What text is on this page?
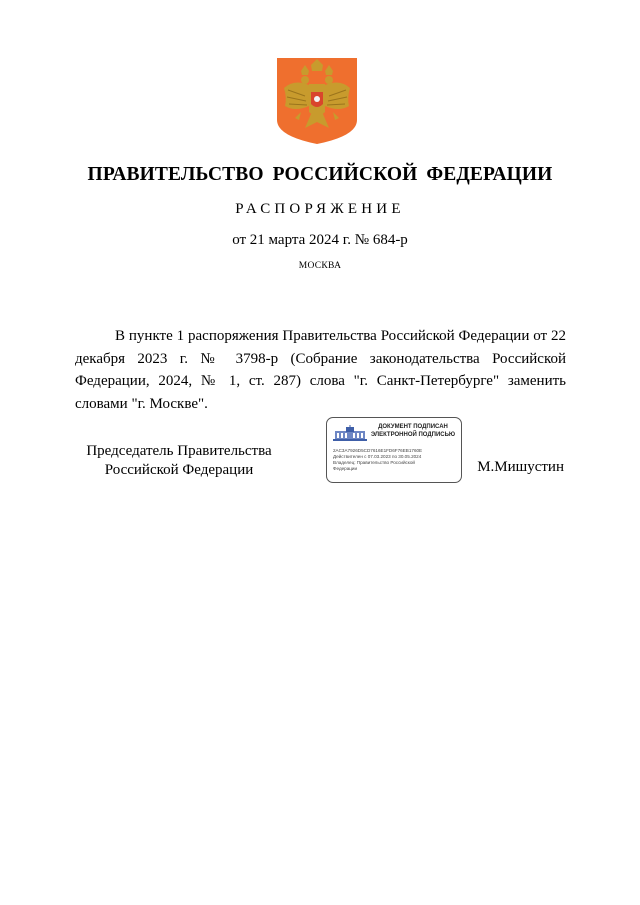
ПРАВИТЕЛЬСТВО РОССИЙСКОЙ ФЕДЕРАЦИИ
РАСПОРЯЖЕНИЕ
от 21 марта 2024 г. № 684-р
МОСКВА

В пункте 1 распоряжения Правительства Российской Федерации от 22 декабря 2023 г. № 3798-р (Собрание законодательства Российской Федерации, 2024, № 1, ст. 287) слова "г. Санкт-Петербурге" заменить словами "г. Москве".

Председатель Правительства
Российской Федерации
ДОКУМЕНТ ПОДПИСАН
ЭЛЕКТРОННОЙ ПОДПИСЬЮ
2AC3A7926D5CD7616E1FD6F76EB1760E
Действителен с 07.03.2023 по 30.05.2024
Владелец: Правительство Российской
Федерации	М.Мишустин
